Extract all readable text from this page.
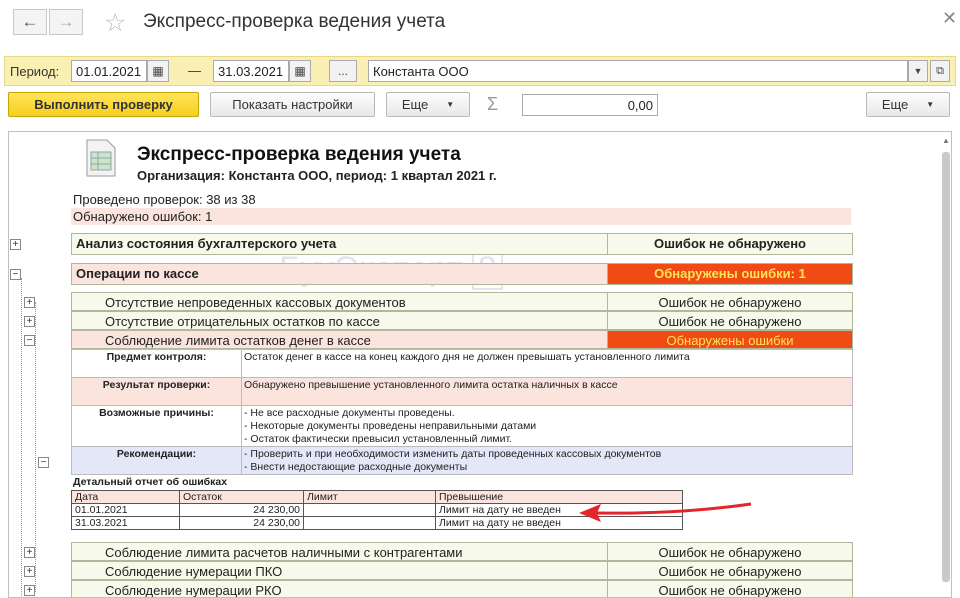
←	→	☆ Экспресс-проверка ведения учета	✕
Период:	01.01.2021 ▦	—	31.03.2021 ▦	...	Константа ООО	▼	⧉
Выполнить проверку	Показать настройки	Еще ▼ Σ	0,00	Еще ▼
Экспресс-проверка ведения учета
Организация: Константа ООО, период: 1 квартал 2021 г.
Проведено проверок: 38 из 38
Обнаружено ошибок: 1
+	Анализ состояния бухгалтерского учета	Ошибок не обнаружено
−	Операции по кассе	Обнаружены ошибки: 1
+	Отсутствие непроведенных кассовых документов	Ошибок не обнаружено
+	Отсутствие отрицательных остатков по кассе	Ошибок не обнаружено
−	Соблюдение лимита остатков денег в кассе	Обнаружены ошибки
Предмет контроля:	Остаток денег в кассе на конец каждого дня не должен превышать установленного лимита
Результат проверки:	Обнаружено превышение установленного лимита остатка наличных в кассе
Возможные причины:	- Не все расходные документы проведены.
- Некоторые документы проведены неправильными датами
- Остаток фактически превысил установленный лимит.
Рекомендации:	- Проверить и при необходимости изменить даты проведенных кассовых документов
- Внести недостающие расходные документы
−
Детальный отчет об ошибках
Дата	Остаток	Лимит	Превышение
01.01.2021	24 230,00		Лимит на дату не введен
31.03.2021	24 230,00		Лимит на дату не введен
+	Соблюдение лимита расчетов наличными с контрагентами	Ошибок не обнаружено
+	Соблюдение нумерации ПКО	Ошибок не обнаружено
+	Соблюдение нумерации РКО	Ошибок не обнаружено
▲
